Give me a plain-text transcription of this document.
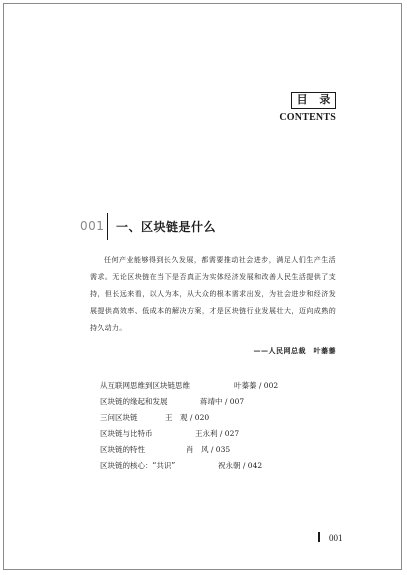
目 录
CONTENTS
001 一、区块链是什么
任何产业能够得到长久发展，都需要推动社会进步，满足人们生产生活需求。无论区块链在当下是否真正为实体经济发展和改善人民生活提供了支持，但长远来看，以人为本，从大众的根本需求出发，为社会进步和经济发展提供高效率、低成本的解决方案，才是区块链行业发展壮大，迈向成熟的持久动力。
——人民网总裁　叶蓁蓁
从互联网思维到区块链思维	叶蓁蓁 / 002
区块链的缘起和发展	蒋靖中 / 007
三问区块链	王　观 / 020
区块链与比特币	王永利 / 027
区块链的特性	肖　风 / 035
区块链的核心：“共识”	祝永朝 / 042
001
